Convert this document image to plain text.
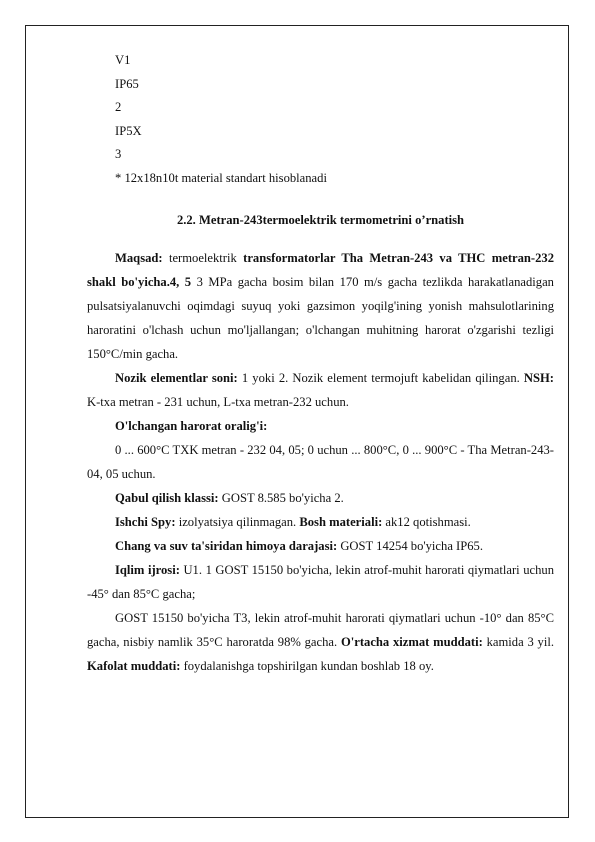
V1
IP65
2
IP5X
3
* 12x18n10t material standart hisoblanadi
2.2. Metran-243termoelektrik termometrini o’rnatish

Maqsad: termoelektrik transformatorlar Tha Metran-243 va THC metran-232 shakl bo'yicha.4, 5 3 MPa gacha bosim bilan 170 m/s gacha tezlikda harakatlanadigan pulsatsiyalanuvchi oqimdagi suyuq yoki gazsimon yoqilg'ining yonish mahsulotlarining haroratini o'lchash uchun mo'ljallangan; o'lchangan muhitning harorat o'zgarishi tezligi 150°C/min gacha.

Nozik elementlar soni: 1 yoki 2. Nozik element termojuft kabelidan qilingan. NSH: K-txa metran - 231 uchun, L-txa metran-232 uchun.

O'lchangan harorat oralig'i:

0 ... 600°C TXK metran - 232 04, 05; 0 uchun ... 800°C, 0 ... 900°C - Tha Metran-243-04, 05 uchun.

Qabul qilish klassi: GOST 8.585 bo'yicha 2.

Ishchi Spy: izolyatsiya qilinmagan. Bosh materiali: ak12 qotishmasi.

Chang va suv ta'siridan himoya darajasi: GOST 14254 bo'yicha IP65.

Iqlim ijrosi: U1. 1 GOST 15150 bo'yicha, lekin atrof-muhit harorati qiymatlari uchun -45° dan 85°C gacha;

GOST 15150 bo'yicha T3, lekin atrof-muhit harorati qiymatlari uchun -10° dan 85°C gacha, nisbiy namlik 35°C haroratda 98% gacha. O'rtacha xizmat muddati: kamida 3 yil. Kafolat muddati: foydalanishga topshirilgan kundan boshlab 18 oy.
